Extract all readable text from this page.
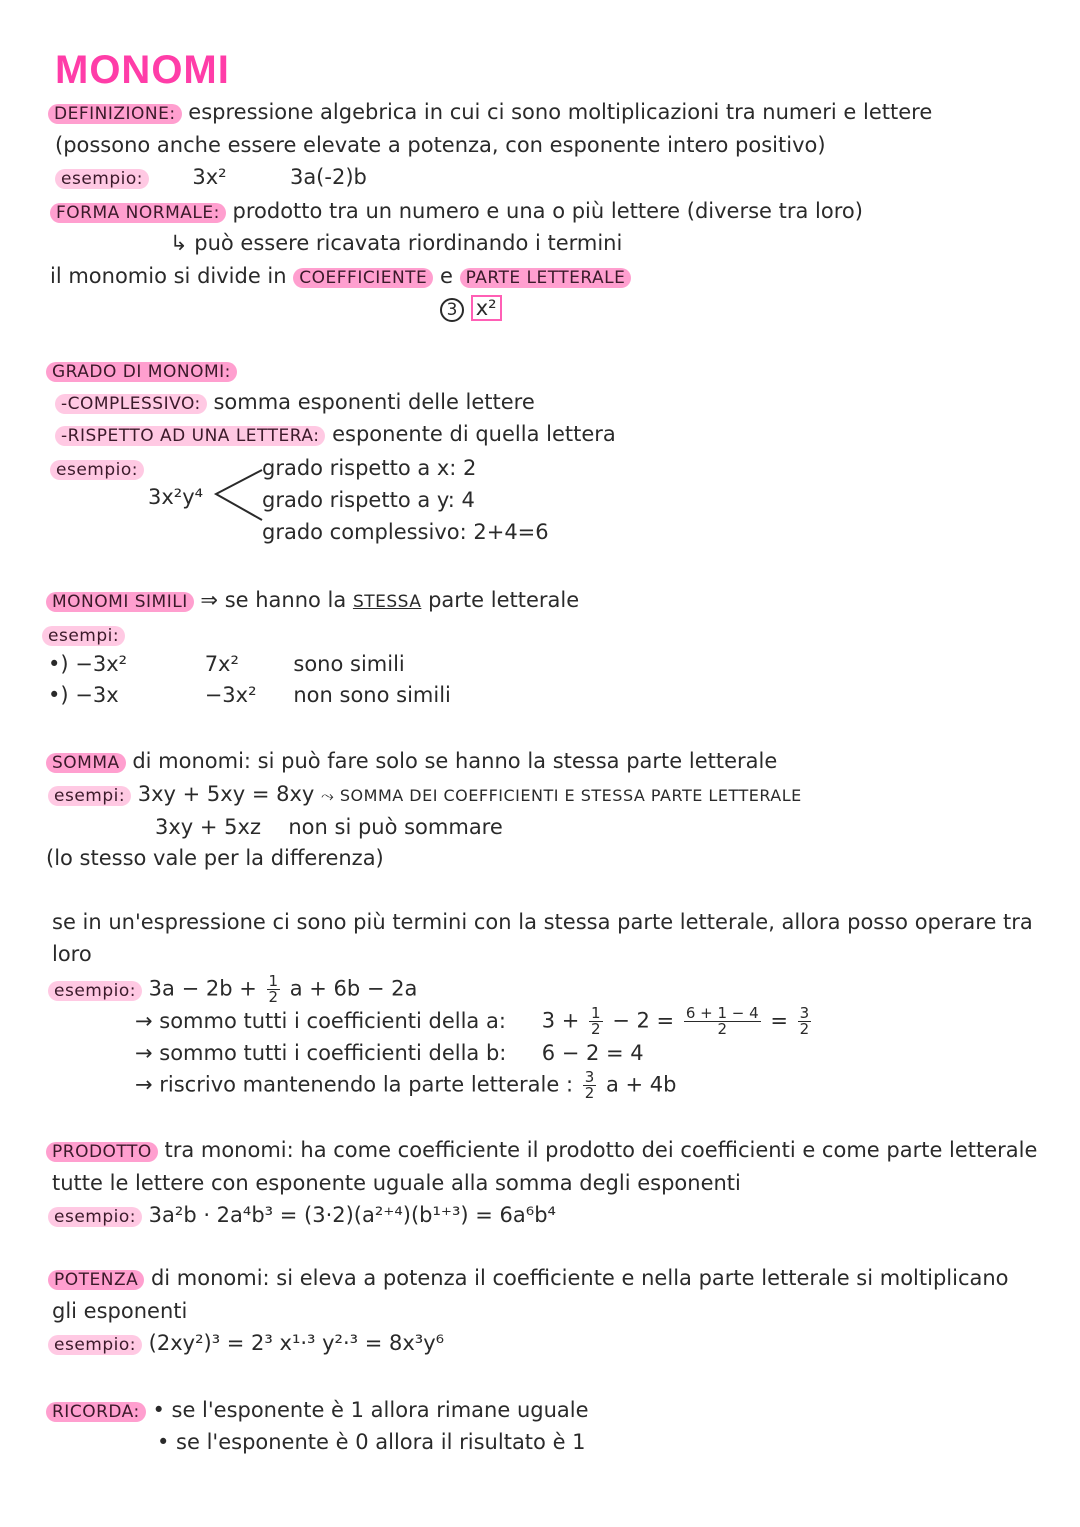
MONOMI
DEFINIZIONE: espressione algebrica in cui ci sono moltiplicazioni tra numeri e lettere
(possono anche essere elevate a potenza, con esponente intero positivo)
esempio: 3x²	3a(-2)b
FORMA NORMALE: prodotto tra un numero e una o più lettere (diverse tra loro)
↳ può essere ricavata riordinando i termini
il monomio si divide in COEFFICIENTE e PARTE LETTERALE
3 x²
GRADO DI MONOMI:
-COMPLESSIVO: somma esponenti delle lettere
-RISPETTO AD UNA LETTERA: esponente di quella lettera
esempio:
3x²y⁴
grado rispetto a x: 2
grado rispetto a y: 4
grado complessivo: 2+4=6
MONOMI SIMILI ⇒ se hanno la STESSA parte letterale
esempi:
•) −3x²	7x²	sono simili
•) −3x	−3x² non sono simili
SOMMA di monomi: si può fare solo se hanno la stessa parte letterale
esempi: 3xy + 5xy = 8xy ⤳ SOMMA DEI COEFFICIENTI E STESSA PARTE LETTERALE
3xy + 5xz non si può sommare
(lo stesso vale per la differenza)
se in un'espressione ci sono più termini con la stessa parte letterale, allora posso operare tra
loro
esempio: $3a - 2b + \frac{1}{2}$ a + 6b − 2a
→ sommo tutti i coefficienti della a: $3 + \frac{1}{2} - 2 = \frac{6 + 1 - 4}{2} = \frac{3}{2}$
→ sommo tutti i coefficienti della b: 6 − 2 = 4
→ riscrivo mantenendo la parte letterale : $\frac{3}{2}$ a + 4b
PRODOTTO tra monomi: ha come coefficiente il prodotto dei coefficienti e come parte letterale
tutte le lettere con esponente uguale alla somma degli esponenti
esempio: 3a²b · 2a⁴b³ = (3·2)(a²⁺⁴)(b¹⁺³) = 6a⁶b⁴
POTENZA di monomi: si eleva a potenza il coefficiente e nella parte letterale si moltiplicano
gli esponenti
esempio: (2xy²)³ = 2³ x¹·³ y²·³ = 8x³y⁶
RICORDA: • se l'esponente è 1 allora rimane uguale
• se l'esponente è 0 allora il risultato è 1
